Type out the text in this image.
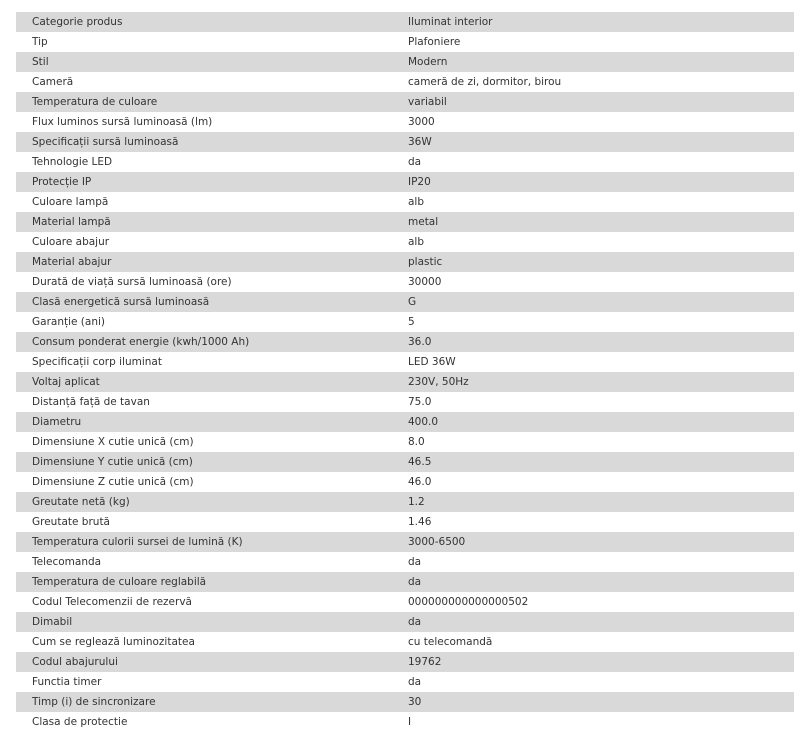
Categorie produs	Iluminat interior
Tip	Plafoniere
Stil	Modern
Cameră	cameră de zi, dormitor, birou
Temperatura de culoare	variabil
Flux luminos sursă luminoasă (lm)	3000
Specificații sursă luminoasă	36W
Tehnologie LED	da
Protecție IP	IP20
Culoare lampă	alb
Material lampă	metal
Culoare abajur	alb
Material abajur	plastic
Durată de viață sursă luminoasă (ore)	30000
Clasă energetică sursă luminoasă	G
Garanție (ani)	5
Consum ponderat energie (kwh/1000 Ah)	36.0
Specificații corp iluminat	LED 36W
Voltaj aplicat	230V, 50Hz
Distanță față de tavan	75.0
Diametru	400.0
Dimensiune X cutie unică (cm)	8.0
Dimensiune Y cutie unică (cm)	46.5
Dimensiune Z cutie unică (cm)	46.0
Greutate netă (kg)	1.2
Greutate brută	1.46
Temperatura culorii sursei de lumină (K)	3000-6500
Telecomanda	da
Temperatura de culoare reglabilă	da
Codul Telecomenzii de rezervă	000000000000000502
Dimabil	da
Cum se reglează luminozitatea	cu telecomandă
Codul abajurului	19762
Functia timer	da
Timp (i) de sincronizare	30
Clasa de protectie	I
